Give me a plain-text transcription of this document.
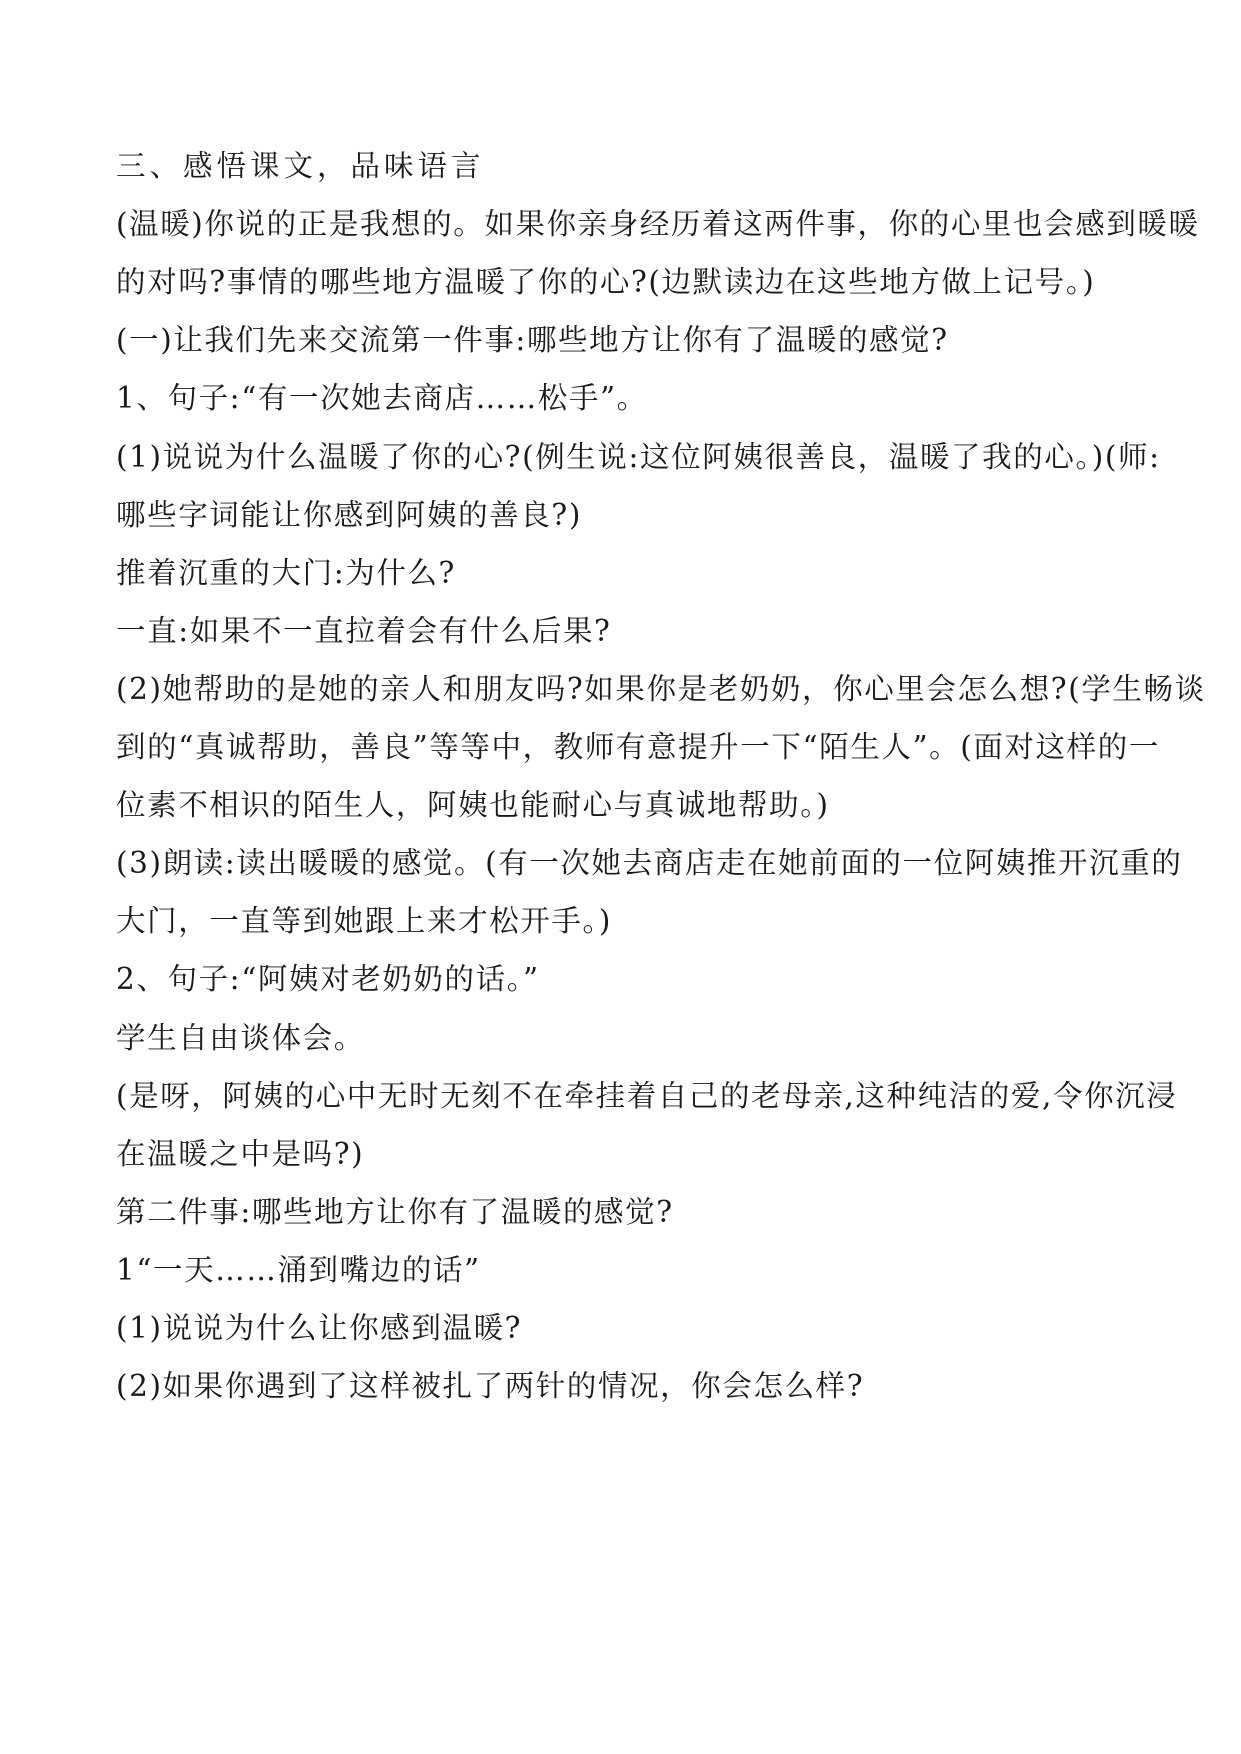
三、感悟课文，品味语言
(温暖)你说的正是我想的。如果你亲身经历着这两件事，你的心里也会感到暖暖
的对吗?事情的哪些地方温暖了你的心?(边默读边在这些地方做上记号。)
(一)让我们先来交流第一件事:哪些地方让你有了温暖的感觉?
1、句子:“有一次她去商店……松手”。
(1)说说为什么温暖了你的心?(例生说:这位阿姨很善良，温暖了我的心。)(师:
哪些字词能让你感到阿姨的善良?)
推着沉重的大门:为什么?
一直:如果不一直拉着会有什么后果?
(2)她帮助的是她的亲人和朋友吗?如果你是老奶奶，你心里会怎么想?(学生畅谈
到的“真诚帮助，善良”等等中，教师有意提升一下“陌生人”。(面对这样的一
位素不相识的陌生人，阿姨也能耐心与真诚地帮助。)
(3)朗读:读出暖暖的感觉。(有一次她去商店走在她前面的一位阿姨推开沉重的
大门，一直等到她跟上来才松开手。)
2、句子:“阿姨对老奶奶的话。”
学生自由谈体会。
(是呀，阿姨的心中无时无刻不在牵挂着自己的老母亲,这种纯洁的爱,令你沉浸
在温暖之中是吗?)
第二件事:哪些地方让你有了温暖的感觉?
1“一天……涌到嘴边的话”
(1)说说为什么让你感到温暖?
(2)如果你遇到了这样被扎了两针的情况，你会怎么样?
